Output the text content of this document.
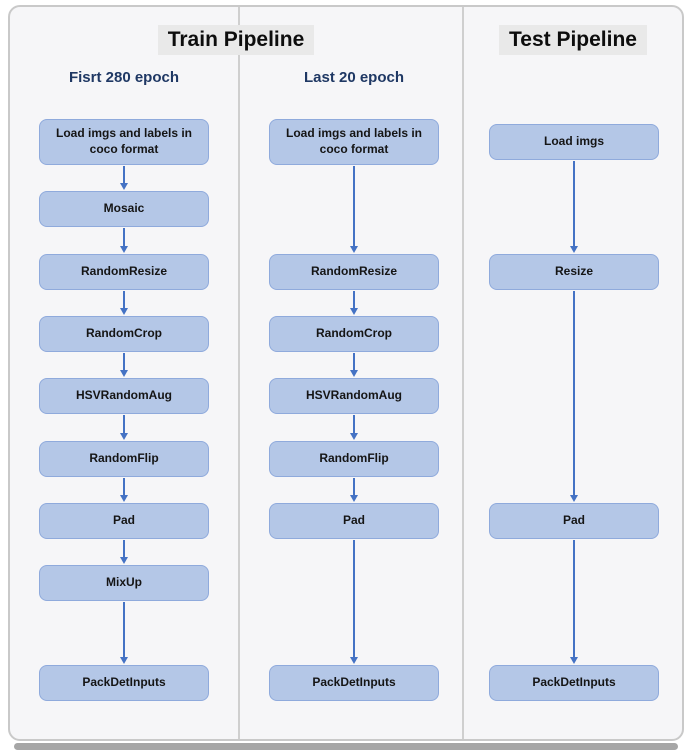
Train Pipeline	Test Pipeline
Fisrt 280 epoch	Last 20 epoch
Load imgs and labels in coco format
Mosaic
RandomResize
RandomCrop
HSVRandomAug
RandomFlip
Pad
MixUp
PackDetInputs
Load imgs and labels in coco format
RandomResize
RandomCrop
HSVRandomAug
RandomFlip
Pad
PackDetInputs
Load imgs
Resize
Pad
PackDetInputs
